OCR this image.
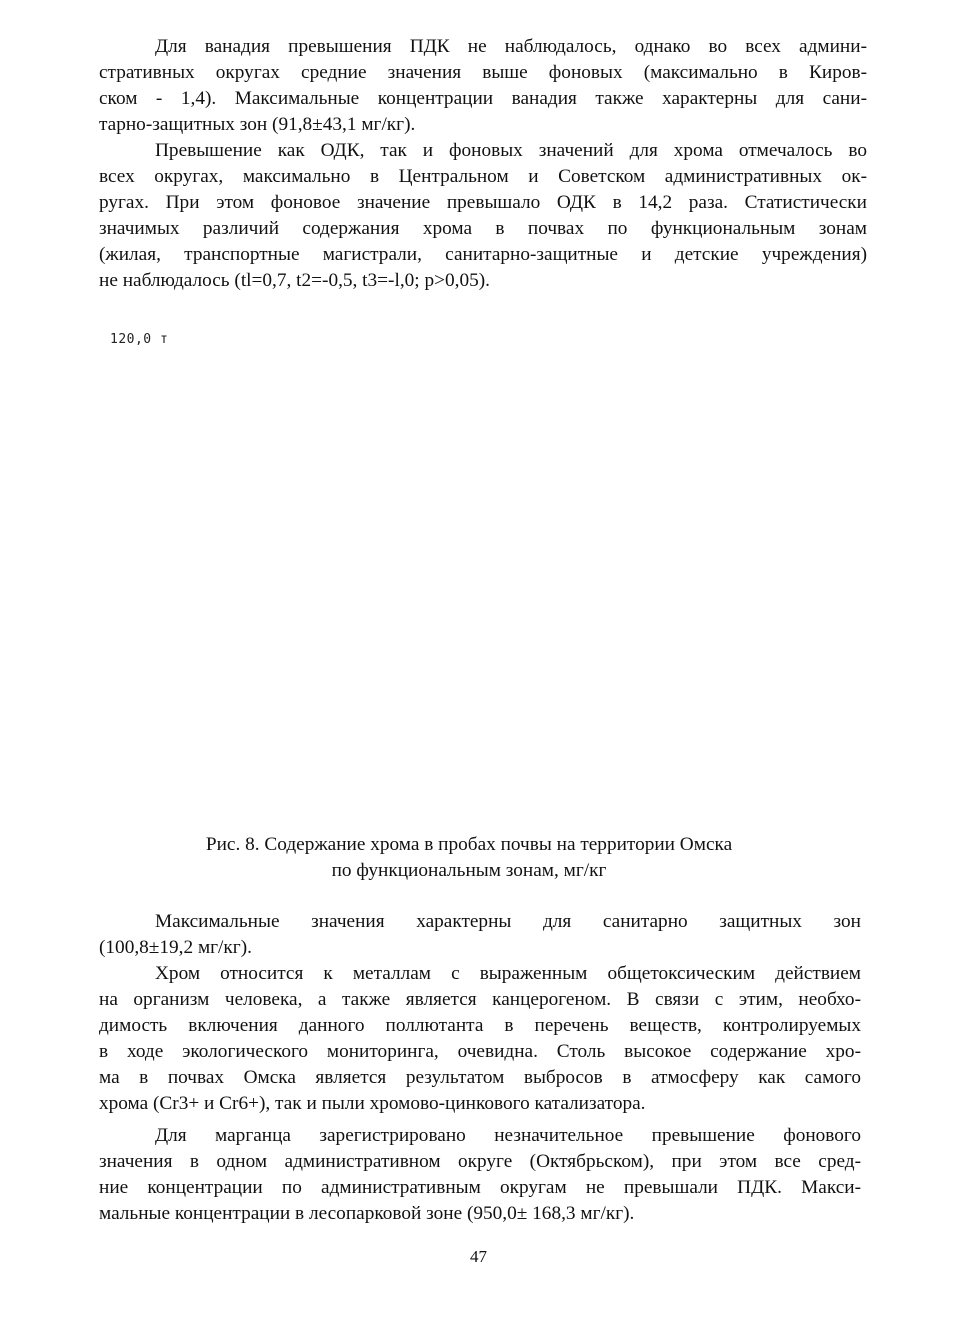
Для ванадия превышения ПДК не наблюдалось, однако во всех админи-
стративных округах средние значения выше фоновых (максимально в Киров-
ском - 1,4). Максимальные концентрации ванадия также характерны для сани-
тарно-защитных зон (91,8±43,1 мг/кг).

Превышение как ОДК, так и фоновых значений для хрома отмечалось во
всех округах, максимально в Центральном и Советском административных ок-
ругах. При этом фоновое значение превышало ОДК в 14,2 раза. Статистически
значимых различий содержания хрома в почвах по функциональным зонам
(жилая, транспортные магистрали, санитарно-защитные и детские учреждения)
не наблюдалось (tl=0,7, t2=-0,5, t3=-l,0; p>0,05).

120,0 т
Рис. 8. Содержание хрома в пробах почвы на территории Омска
по функциональным зонам, мг/кг

Максимальные значения характерны для санитарно защитных зон
(100,8±19,2 мг/кг).

Хром относится к металлам с выраженным общетоксическим действием
на организм человека, а также является канцерогеном. В связи с этим, необхо-
димость включения данного поллютанта в перечень веществ, контролируемых
в ходе экологического мониторинга, очевидна. Столь высокое содержание хро-
ма в почвах Омска является результатом выбросов в атмосферу как самого
хрома (Cr3+ и Cr6+), так и пыли хромово-цинкового катализатора.

Для марганца зарегистрировано незначительное превышение фонового
значения в одном административном округе (Октябрьском), при этом все сред-
ние концентрации по административным округам не превышали ПДК. Макси-
мальные концентрации в лесопарковой зоне (950,0± 168,3 мг/кг).

47
